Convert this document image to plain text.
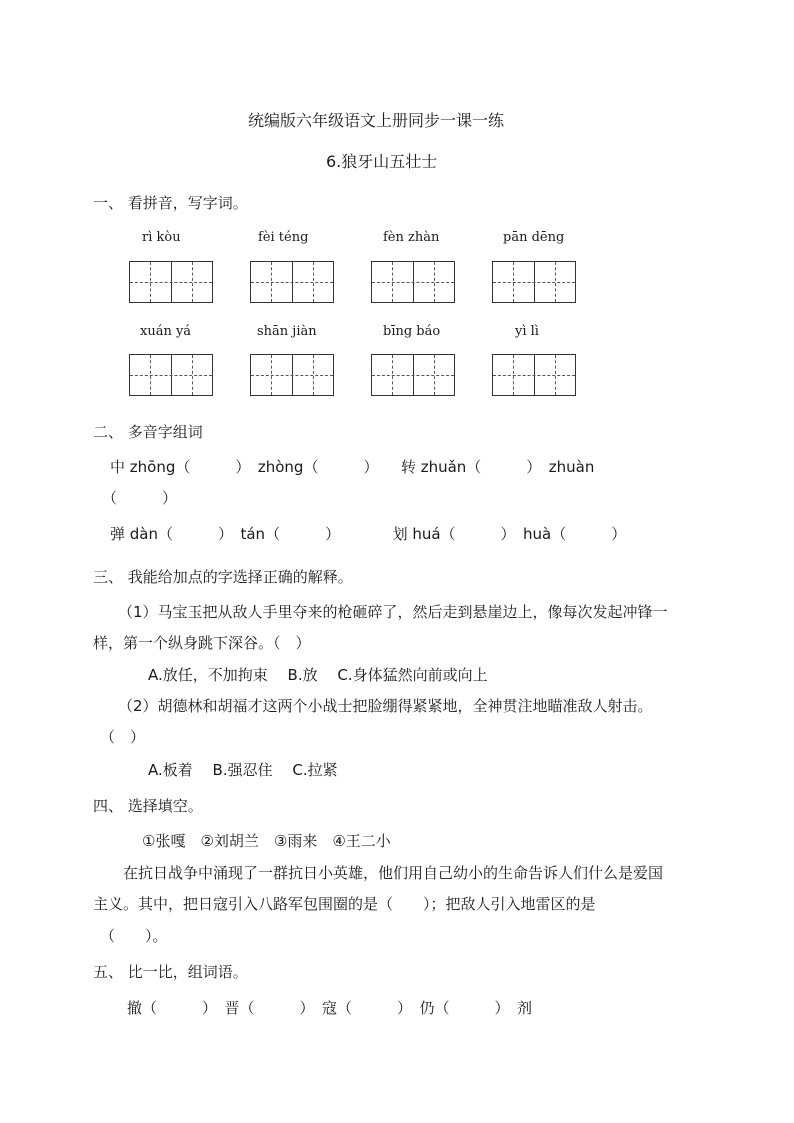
统编版六年级语文上册同步一课一练
6.狼牙山五壮士
一、 看拼音，写字词。
rì kòu	fèi téng	fèn zhàn	pān dēng
xuán yá	shān jiàn	bīng báo	yì lì
二、 多音字组词
中 zhōng（　　　）　zhòng（　　　）　　转 zhuǎn（　　　）　zhuàn
（　　　）
弹 dàn（　　　）　tán（　　　）　　　　划 huá（　　　）　huà（　　　）
三、 我能给加点的字选择正确的解释。
（1）马宝玉把从敌人手里夺来的枪砸碎了，然后走到悬崖边上，像每次发起冲锋一
样，第一个纵身跳下深谷。（　）
A.放任，不加拘束　 B.放　 C.身体猛然向前或向上
（2）胡德林和胡福才这两个小战士把脸绷得紧紧地，全神贯注地瞄准敌人射击。
（　）
A.板着　 B.强忍住　 C.拉紧
四、 选择填空。
①张嘎　②刘胡兰　③雨来　④王二小
在抗日战争中涌现了一群抗日小英雄，他们用自己幼小的生命告诉人们什么是爱国
主义。其中，把日寇引入八路军包围圈的是（　　）；把敌人引入地雷区的是
（　　）。
五、 比一比，组词语。
撤（　　　）　晋（　　　）　寇（　　　）　仍（　　　）　剂
